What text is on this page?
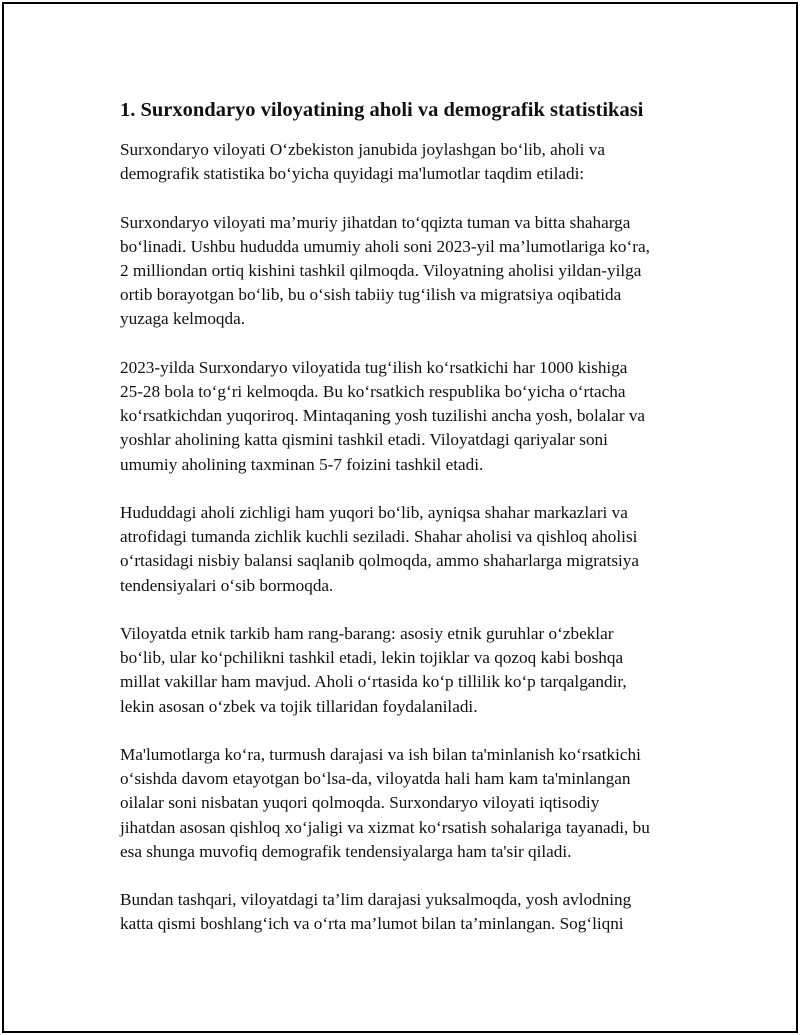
1. Surxondaryo viloyatining aholi va demografik statistikasi

Surxondaryo viloyati O‘zbekiston janubida joylashgan bo‘lib, aholi va
demografik statistika bo‘yicha quyidagi ma'lumotlar taqdim etiladi:

Surxondaryo viloyati ma’muriy jihatdan to‘qqizta tuman va bitta shaharga
bo‘linadi. Ushbu hududda umumiy aholi soni 2023-yil ma’lumotlariga ko‘ra,
2 milliondan ortiq kishini tashkil qilmoqda. Viloyatning aholisi yildan-yilga
ortib borayotgan bo‘lib, bu o‘sish tabiiy tug‘ilish va migratsiya oqibatida
yuzaga kelmoqda.

2023-yilda Surxondaryo viloyatida tug‘ilish ko‘rsatkichi har 1000 kishiga
25-28 bola to‘g‘ri kelmoqda. Bu ko‘rsatkich respublika bo‘yicha o‘rtacha
ko‘rsatkichdan yuqoriroq. Mintaqaning yosh tuzilishi ancha yosh, bolalar va
yoshlar aholining katta qismini tashkil etadi. Viloyatdagi qariyalar soni
umumiy aholining taxminan 5-7 foizini tashkil etadi.

Hududdagi aholi zichligi ham yuqori bo‘lib, ayniqsa shahar markazlari va
atrofidagi tumanda zichlik kuchli seziladi. Shahar aholisi va qishloq aholisi
o‘rtasidagi nisbiy balansi saqlanib qolmoqda, ammo shaharlarga migratsiya
tendensiyalari o‘sib bormoqda.

Viloyatda etnik tarkib ham rang-barang: asosiy etnik guruhlar o‘zbeklar
bo‘lib, ular ko‘pchilikni tashkil etadi, lekin tojiklar va qozoq kabi boshqa
millat vakillar ham mavjud. Aholi o‘rtasida ko‘p tillilik ko‘p tarqalgandir,
lekin asosan o‘zbek va tojik tillaridan foydalaniladi.

Ma'lumotlarga ko‘ra, turmush darajasi va ish bilan ta'minlanish ko‘rsatkichi
o‘sishda davom etayotgan bo‘lsa-da, viloyatda hali ham kam ta'minlangan
oilalar soni nisbatan yuqori qolmoqda. Surxondaryo viloyati iqtisodiy
jihatdan asosan qishloq xo‘jaligi va xizmat ko‘rsatish sohalariga tayanadi, bu
esa shunga muvofiq demografik tendensiyalarga ham ta'sir qiladi.

Bundan tashqari, viloyatdagi ta’lim darajasi yuksalmoqda, yosh avlodning
katta qismi boshlang‘ich va o‘rta ma’lumot bilan ta’minlangan. Sog‘liqni
